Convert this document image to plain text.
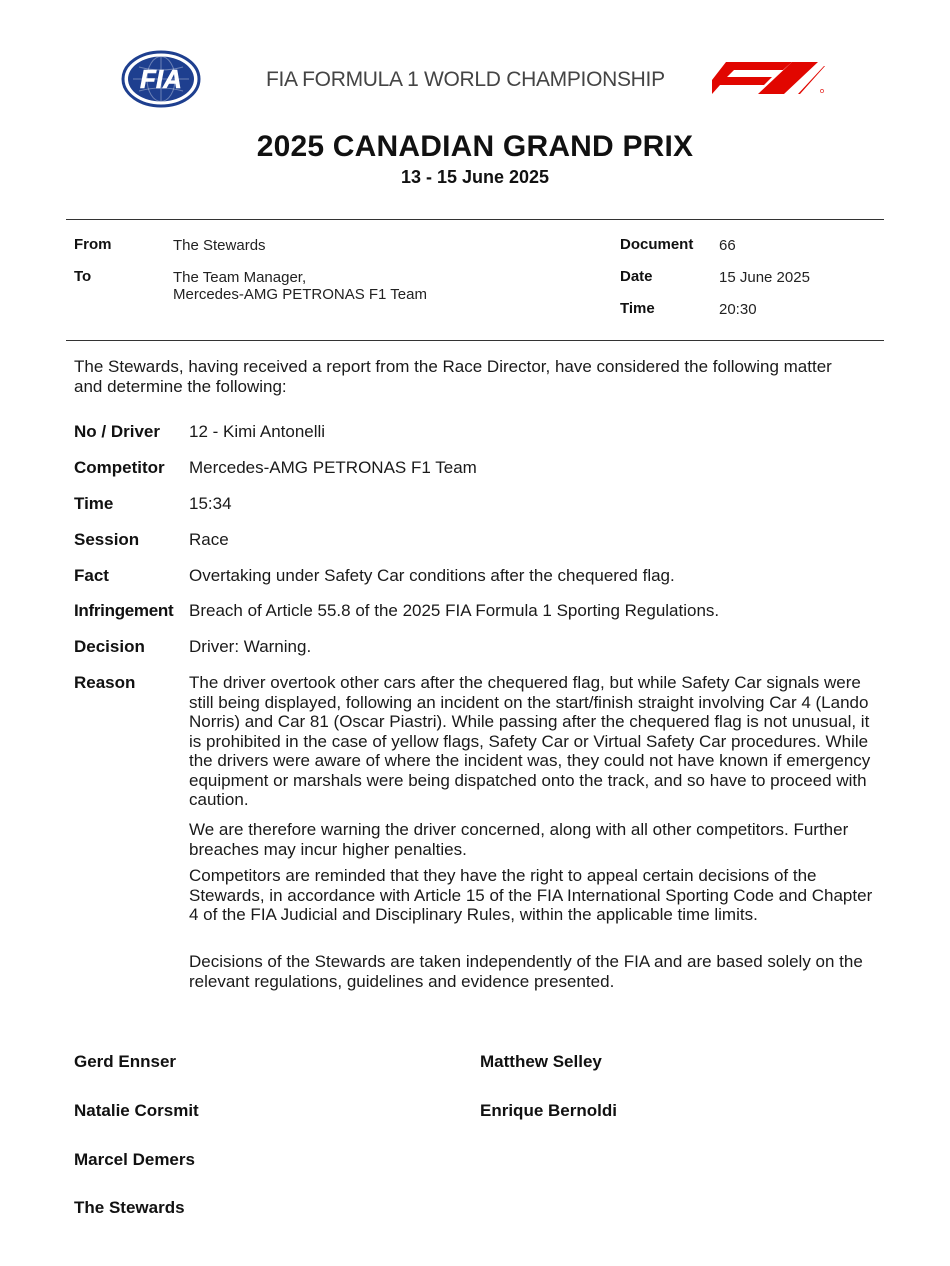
FIA	FIA FORMULA 1 WORLD CHAMPIONSHIP
2025 CANADIAN GRAND PRIX
13 - 15 June 2025
From	The Stewards
To	The Team Manager,
Mercedes-AMG PETRONAS F1 Team
Document 66
Date	15 June 2025
Time	20:30
The Stewards, having received a report from the Race Director, have considered the following matter and determine the following:
No / Driver 12 - Kimi Antonelli
Competitor Mercedes-AMG PETRONAS F1 Team
Time	15:34
Session	Race
Fact	Overtaking under Safety Car conditions after the chequered flag.
Infringement Breach of Article 55.8 of the 2025 FIA Formula 1 Sporting Regulations.
Decision	Driver: Warning.
Reason	The driver overtook other cars after the chequered flag, but while Safety Car signals were still being displayed, following an incident on the start/finish straight involving Car 4 (Lando Norris) and Car 81 (Oscar Piastri). While passing after the chequered flag is not unusual, it is prohibited in the case of yellow flags, Safety Car or Virtual Safety Car procedures. While the drivers were aware of where the incident was, they could not have known if emergency equipment or marshals were being dispatched onto the track, and so have to proceed with caution.
We are therefore warning the driver concerned, along with all other competitors. Further breaches may incur higher penalties.
Competitors are reminded that they have the right to appeal certain decisions of the Stewards, in accordance with Article 15 of the FIA International Sporting Code and Chapter 4 of the FIA Judicial and Disciplinary Rules, within the applicable time limits.
Decisions of the Stewards are taken independently of the FIA and are based solely on the relevant regulations, guidelines and evidence presented.
Gerd Ennser	Matthew Selley
Natalie Corsmit	Enrique Bernoldi
Marcel Demers
The Stewards
